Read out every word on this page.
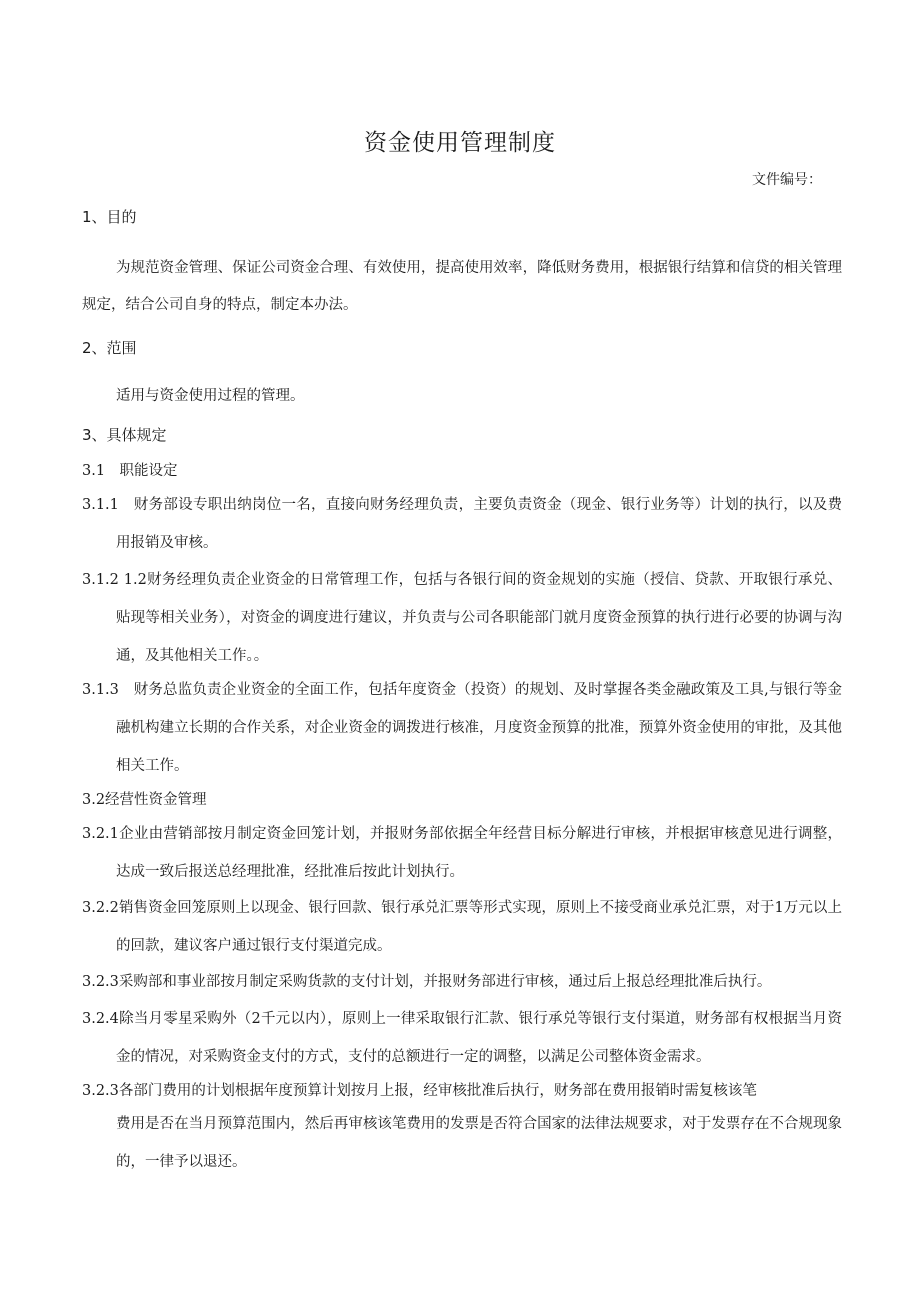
资金使用管理制度
文件编号：
1、目的
为规范资金管理、保证公司资金合理、有效使用，提高使用效率，降低财务费用，根据银行结算和信贷的相关管理规定，结合公司自身的特点，制定本办法。
2、范围
适用与资金使用过程的管理。
3、具体规定
3.1　职能设定
3.1.1　财务部设专职出纳岗位一名，直接向财务经理负责，主要负责资金（现金、银行业务等）计划的执行，以及费用报销及审核。
3.1.2 1.2财务经理负责企业资金的日常管理工作，包括与各银行间的资金规划的实施（授信、贷款、开取银行承兑、贴现等相关业务），对资金的调度进行建议，并负责与公司各职能部门就月度资金预算的执行进行必要的协调与沟通，及其他相关工作。。
3.1.3　财务总监负责企业资金的全面工作，包括年度资金（投资）的规划、及时掌握各类金融政策及工具,与银行等金融机构建立长期的合作关系，对企业资金的调拨进行核准，月度资金预算的批准，预算外资金使用的审批，及其他相关工作。
3.2经营性资金管理
3.2.1企业由营销部按月制定资金回笼计划，并报财务部依据全年经营目标分解进行审核，并根据审核意见进行调整，达成一致后报送总经理批准，经批准后按此计划执行。
3.2.2销售资金回笼原则上以现金、银行回款、银行承兑汇票等形式实现，原则上不接受商业承兑汇票，对于1万元以上的回款，建议客户通过银行支付渠道完成。
3.2.3采购部和事业部按月制定采购货款的支付计划，并报财务部进行审核，通过后上报总经理批准后执行。
3.2.4除当月零星采购外（2千元以内），原则上一律采取银行汇款、银行承兑等银行支付渠道，财务部有权根据当月资金的情况，对采购资金支付的方式，支付的总额进行一定的调整，以满足公司整体资金需求。
3.2.3各部门费用的计划根据年度预算计划按月上报，经审核批准后执行，财务部在费用报销时需复核该笔
费用是否在当月预算范围内，然后再审核该笔费用的发票是否符合国家的法律法规要求，对于发票存在不合规现象的，一律予以退还。
